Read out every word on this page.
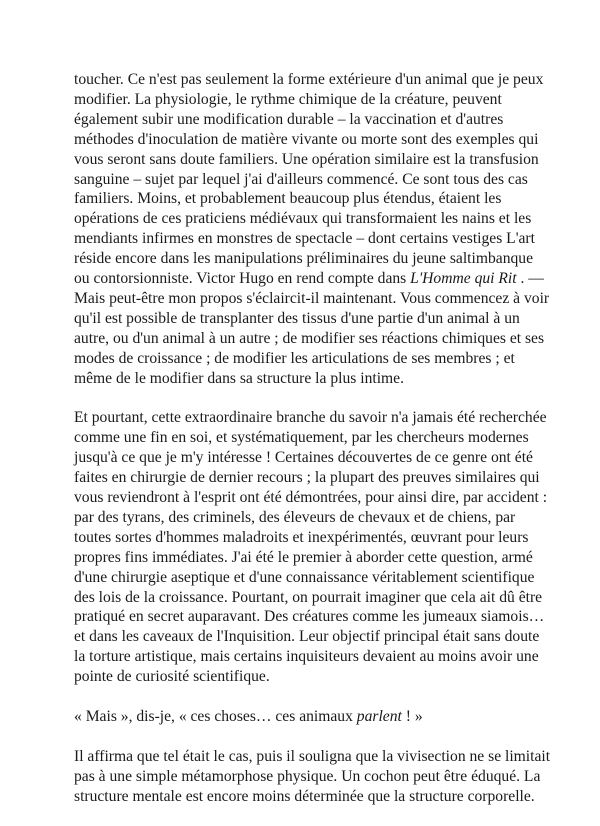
toucher. Ce n'est pas seulement la forme extérieure d'un animal que je peux
modifier. La physiologie, le rythme chimique de la créature, peuvent
également subir une modification durable – la vaccination et d'autres
méthodes d'inoculation de matière vivante ou morte sont des exemples qui
vous seront sans doute familiers. Une opération similaire est la transfusion
sanguine – sujet par lequel j'ai d'ailleurs commencé. Ce sont tous des cas
familiers. Moins, et probablement beaucoup plus étendus, étaient les
opérations de ces praticiens médiévaux qui transformaient les nains et les
mendiants infirmes en monstres de spectacle – dont certains vestiges L'art
réside encore dans les manipulations préliminaires du jeune saltimbanque
ou contorsionniste. Victor Hugo en rend compte dans L'Homme qui Rit . —
Mais peut-être mon propos s'éclaircit-il maintenant. Vous commencez à voir
qu'il est possible de transplanter des tissus d'une partie d'un animal à un
autre, ou d'un animal à un autre ; de modifier ses réactions chimiques et ses
modes de croissance ; de modifier les articulations de ses membres ; et
même de le modifier dans sa structure la plus intime.

Et pourtant, cette extraordinaire branche du savoir n'a jamais été recherchée
comme une fin en soi, et systématiquement, par les chercheurs modernes
jusqu'à ce que je m'y intéresse ! Certaines découvertes de ce genre ont été
faites en chirurgie de dernier recours ; la plupart des preuves similaires qui
vous reviendront à l'esprit ont été démontrées, pour ainsi dire, par accident :
par des tyrans, des criminels, des éleveurs de chevaux et de chiens, par
toutes sortes d'hommes maladroits et inexpérimentés, œuvrant pour leurs
propres fins immédiates. J'ai été le premier à aborder cette question, armé
d'une chirurgie aseptique et d'une connaissance véritablement scientifique
des lois de la croissance. Pourtant, on pourrait imaginer que cela ait dû être
pratiqué en secret auparavant. Des créatures comme les jumeaux siamois…
et dans les caveaux de l'Inquisition. Leur objectif principal était sans doute
la torture artistique, mais certains inquisiteurs devaient au moins avoir une
pointe de curiosité scientifique.

« Mais », dis-je, « ces choses… ces animaux parlent ! »

Il affirma que tel était le cas, puis il souligna que la vivisection ne se limitait
pas à une simple métamorphose physique. Un cochon peut être éduqué. La
structure mentale est encore moins déterminée que la structure corporelle.
